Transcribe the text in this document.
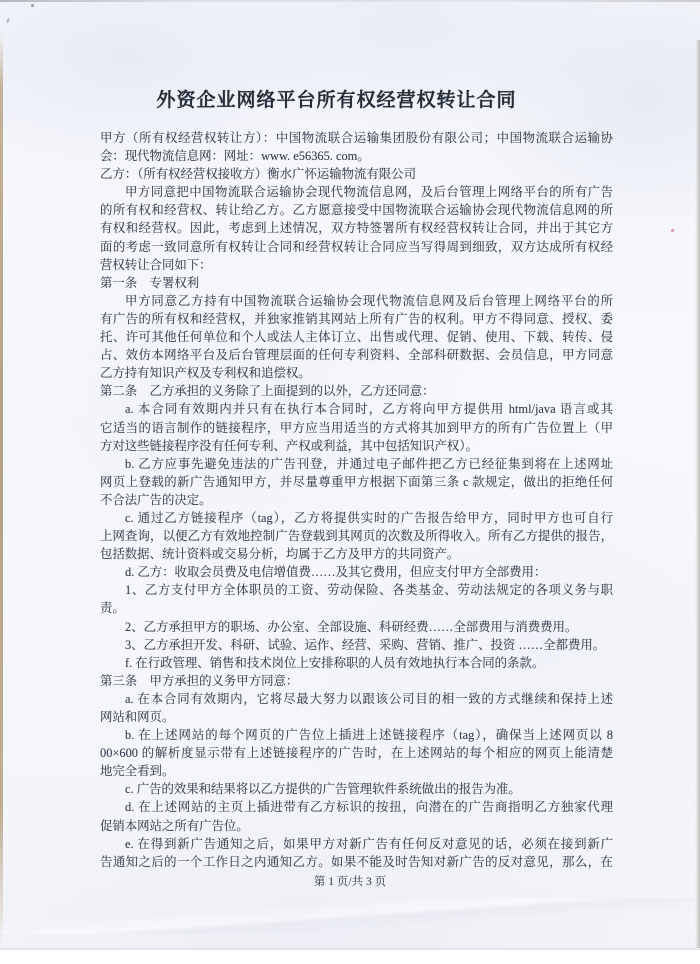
外资企业网络平台所有权经营权转让合同
甲方（所有权经营权转让方）：中国物流联合运输集团股份有限公司；中国物流联合运输协
会：现代物流信息网：网址：www. e56365. com。
乙方：（所有权经营权接收方）衡水广怀运输物流有限公司
甲方同意把中国物流联合运输协会现代物流信息网，及后台管理上网络平台的所有广告
的所有权和经营权、转让给乙方。乙方愿意接受中国物流联合运输协会现代物流信息网的所
有权和经营权。因此，考虑到上述情况，双方特签署所有权经营权转让合同，并出于其它方
面的考虑一致同意所有权转让合同和经营权转让合同应当写得周到细致，双方达成所有权经
营权转让合同如下：
第一条　专署权利
甲方同意乙方持有中国物流联合运输协会现代物流信息网及后台管理上网络平台的所
有广告的所有权和经营权，并独家推销其网站上所有广告的权利。甲方不得同意、授权、委
托、许可其他任何单位和个人或法人主体订立、出售或代理、促销、使用、下载、转传、侵
占、效仿本网络平台及后台管理层面的任何专利资料、全部科研数据、会员信息，甲方同意
乙方持有知识产权及专利权和追偿权。
第二条　乙方承担的义务除了上面提到的以外，乙方还同意：
a. 本合同有效期内并只有在执行本合同时，乙方将向甲方提供用 html/java 语言或其
它适当的语言制作的链接程序，甲方应当用适当的方式将其加到甲方的所有广告位置上（甲
方对这些链接程序没有任何专利、产权或利益，其中包括知识产权）。
b. 乙方应事先避免违法的广告刊登，并通过电子邮件把乙方已经征集到将在上述网址
网页上登载的新广告通知甲方，并尽量尊重甲方根据下面第三条 c 款规定，做出的拒绝任何
不合法广告的决定。
c. 通过乙方链接程序（tag），乙方将提供实时的广告报告给甲方，同时甲方也可自行
上网查询，以便乙方有效地控制广告登载到其网页的次数及所得收入。所有乙方提供的报告，
包括数据、统计资料或交易分析，均属于乙方及甲方的共同资产。
d. 乙方：收取会员费及电信增值费……及其它费用，但应支付甲方全部费用：
1、乙方支付甲方全体职员的工资、劳动保险、各类基金、劳动法规定的各项义务与职
责。
2、乙方承担甲方的职场、办公室、全部设施、科研经费……全部费用与消费费用。
3、乙方承担开发、科研、试验、运作、经营、采购、营销、推广、投资 ……全都费用。
f. 在行政管理、销售和技术岗位上安排称职的人员有效地执行本合同的条款。
第三条　甲方承担的义务甲方同意：
a. 在本合同有效期内，它将尽最大努力以跟该公司目的相一致的方式继续和保持上述
网站和网页。
b. 在上述网站的每个网页的广告位上插进上述链接程序（tag），确保当上述网页以 8
00×600 的解析度显示带有上述链接程序的广告时，在上述网站的每个相应的网页上能清楚
地完全看到。
c. 广告的效果和结果将以乙方提供的广告管理软件系统做出的报告为准。
d. 在上述网站的主页上插进带有乙方标识的按扭，向潜在的广告商指明乙方独家代理
促销本网站之所有广告位。
e. 在得到新广告通知之后，如果甲方对新广告有任何反对意见的话，必须在接到新广
告通知之后的一个工作日之内通知乙方。如果不能及时告知对新广告的反对意见，那么，在
第 1 页/共 3 页
